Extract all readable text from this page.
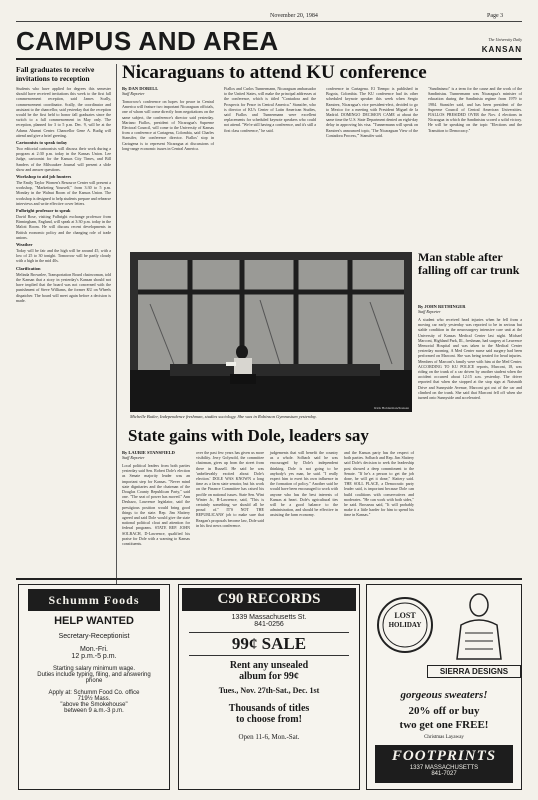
November 20, 1984	Page 3
CAMPUS AND AREA	The University Daily
KANSAN
Fall graduates to receive invitations to reception
Students who have applied for degrees this semester should have received invitations this week to the first fall commencement reception, said James Scally, commencement coordinator. Scally, the coordinator and assistant to the chancellor, said yesterday that the reception would be the first held to honor fall graduates since the switch to a fall commencement in May only. The reception, planned for 3 to 5 p.m. Dec. 9, will be at the Adams Alumni Center. Chancellor Gene A. Budig will attend and give a brief greeting.
Cartoonists to speak today
Two editorial cartoonists will discuss their work during a program at 2:30 p.m. today in the Kansas Union. Lee Judge, cartoonist for the Kansas City Times, and Bill Sanders of the Milwaukee Journal will present a slide show and answer questions.
Workshop to aid job hunters
The Emily Taylor Women's Resource Center will present a workshop, "Marketing Yourself," from 3:30 to 5 p.m. Monday in the Walnut Room of the Kansas Union. The workshop is designed to help students prepare and rehearse interviews and write effective cover letters.
Fulbright professor to speak
David Rose, visiting Fulbright exchange professor from Birmingham, England, will speak at 3:30 p.m. today in the Malott Room. He will discuss recent developments in British economic policy and the changing role of trade unions.
Weather
Today will be fair and the high will be around 45, with a low of 25 to 30 tonight. Tomorrow will be partly cloudy with a high in the mid 40s.
Clarification
Melinda Brownlee, Transportation Board chairwoman, told the Kansan that a story in yesterday's Kansan should not have implied that the board was not concerned with the punishment of Steve Williams, the former KU on Wheels dispatcher. The board will meet again before a decision is made.
Nicaraguans to attend KU conference
By DAN DORELL
Staff Reporter
Tomorrow's conference on hopes for peace in Central America will feature two important Nicaraguan officials, one of whom will come directly from negotiations on the same subject, the conference's director said yesterday. Mariano Fiallos, president of Nicaragua's Supreme Electoral Council, will come to the University of Kansas from a conference at Cartagena, Colombia, said Charles Stansifer, the conference director. Fiallos' stop in Cartagena is to represent Nicaragua at discussions of long-range economic issues in Central America.
Fiallos and Carlos Tunnermann, Nicaraguan ambassador to the United States, will make the principal addresses at the conference, which is titled "Contadora and the Prospects for Peace in Central America." Stansifer, who is director of KU's Center of Latin American Studies, said Fiallos and Tunnermann were excellent replacements for scheduled keynote speakers who could not attend. "We're still having a conference, and it's still a first class conference," he said.
conference in Cartagena. El Tiempo is published in Bogota, Colombia. The KU conference had its other scheduled keynote speaker this week when Sergio Ramirez, Nicaragua's vice president-elect, decided to go to Mexico for a meeting with President Miguel de la Madrid. DOMINGO DECISION CAME at about the same time the U.S. State Department denied an eight-day delay in approving his visa. "Tunnermann will speak on Ramirez's announced topic, 'The Nicaraguan View of the Contadora Process,'" Stansifer said.
"Sandinismo" is a term for the cause and the work of the Sandinistas. Tunnermann was Nicaragua's minister of education during the Sandinista regime from 1979 to 1984. Stansifer said, and has been president of the Supreme Council of Central American Universities. FIALLOS PRESIDED OVER the Nov. 4 elections in Nicaragua in which the Sandinistas scored a solid victory. He will be speaking on the topic "Elections and the Transition to Democracy."
Rick Holderman/Kansan
Michelle Butler, Independence freshman, studies sociology. She was in Robinson Gymnasium yesterday.
Man stable after falling off car trunk
By JOHN RETHINGER
Staff Reporter
A student who received head injuries when he fell from a moving car early yesterday was reported to be in serious but stable condition in the neurosurgery intensive care unit at the University of Kansas Medical Center last night. Michael Marconi, Highland Park, Ill., freshman, had surgery at Lawrence Memorial Hospital and was taken to the Medical Center yesterday morning. A Med Center nurse said surgery had been performed on Marconi. She was being treated for head injuries. Members of Marconi's family were with him at the Med Center. ACCORDING TO KU POLICE reports, Marconi, 18, was riding on the trunk of a car driven by another student when the accident occurred about 12:15 a.m. yesterday. The driver reported that when she stopped at the stop sign at Naismith Drive and Sunnyside Avenue, Marconi got out of the car and climbed on the trunk. She said that Marconi fell off when she turned onto Sunnyside and accelerated.
State gains with Dole, leaders say
By LAURIE STANSFIELD
Staff Reporter
Local political leaders from both parties yesterday said Sen. Robert Dole's election as Senate majority leader was an important step for Kansas. "Never mind state dignitaries and the chairman of the Douglas County Republican Party," said one. "The seat of power has moved." Ann Deshazo, Lawrence legislator, said the prestigious position would bring good things to the state. Rep. Jim Slattery agreed and said Dole would give the state national political clout and attention for federal programs. STATE REP. JOHN SOLBACH, D-Lawrence, qualified his praise for Dole with a warning to Kansas constituents.
over the past few years has given us more visibility. Jerry Golynold, the committee chairman, gives up from the street from there in Russell. He said he was 'unbelievably excited about Dole's election.' DOLE WAS KNOWN a long time as a farm state senator, but his work on the Finance Committee has raised his profile on national issues. State Sen. Wint Winter Jr., R-Lawrence, said, "This is certainly something we should all be proud of." IT'S NOT THE REPUBLICANS' job to make sure that Reagan's proposals become law, Dole said in his first news conference.
judgements that will benefit the country as a whole. Solbach said he was encouraged by Dole's independent thinking. Dole is not going to be anybody's yes man, he said. "I really expect him to exert his own influence in the formation of policy." Another said he would have been encouraged to work with anyone who has the best interests of Kansas at heart. Dole's agricultural ties will be a good balance to the administration, and should be effective in assisting the farm economy.
and the Kansas party has the respect of both parties. Solbach and Rep. Jim Slattery said Dole's decision to seek the leadership post showed a deep commitment to the Senate. "If he's a person to get the job done, he will get it done," Slattery said. THE SOLL PLACE, a Democratic party leader said, is important because Dole can build coalitions with conservatives and moderates. "He can work with both sides," he said. Brosseau said, "It will probably make it a little harder for him to spend his time in Kansas."
Schumm Foods
HELP WANTED
Secretary-Receptionist
Mon.-Fri.
12 p.m.-5 p.m.
Starting salary minimum wage.
Duties include typing, filing, and answering phone
Apply at: Schumm Food Co. office
719½ Mass.
"above the Smokehouse"
between 9 a.m.-3 p.m.
C90 RECORDS
1339 Massachusetts St.
841-0256
99¢ SALE
Rent any unsealed
album for 99¢
Tues., Nov. 27th-Sat., Dec. 1st
Thousands of titles
to choose from!
Open 11-6, Mon.-Sat.
LOST
HOLIDAY
SIERRA DESIGNS
gorgeous sweaters!
20% off or buy
two get one FREE!
Christmas Layaway
FOOTPRINTS
1337 MASSACHUSETTS
841-7027
